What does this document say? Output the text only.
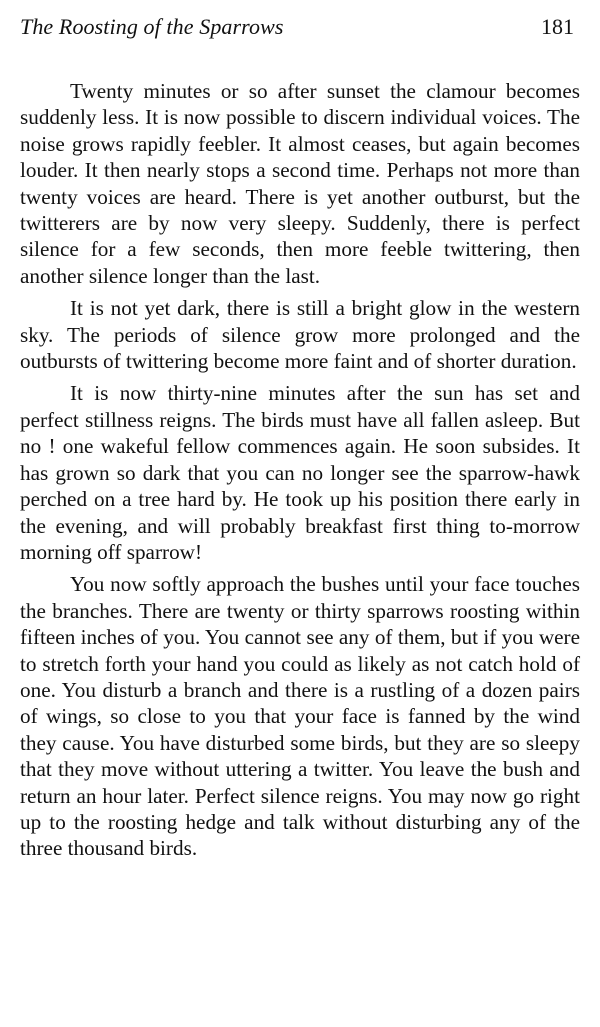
The Roosting of the Sparrows	181

Twenty minutes or so after sunset the clamour becomes suddenly less. It is now possible to discern individual voices. The noise grows rapidly feebler. It almost ceases, but again becomes louder. It then nearly stops a second time. Perhaps not more than twenty voices are heard. There is yet another outburst, but the twitterers are by now very sleepy. Suddenly, there is perfect silence for a few seconds, then more feeble twittering, then another silence longer than the last.

It is not yet dark, there is still a bright glow in the western sky. The periods of silence grow more prolonged and the outbursts of twittering become more faint and of shorter duration.

It is now thirty-nine minutes after the sun has set and perfect stillness reigns. The birds must have all fallen asleep. But no ! one wakeful fellow commences again. He soon subsides. It has grown so dark that you can no longer see the sparrow-hawk perched on a tree hard by. He took up his position there early in the evening, and will probably breakfast first thing to-morrow morning off sparrow!

You now softly approach the bushes until your face touches the branches. There are twenty or thirty sparrows roosting within fifteen inches of you. You cannot see any of them, but if you were to stretch forth your hand you could as likely as not catch hold of one. You disturb a branch and there is a rustling of a dozen pairs of wings, so close to you that your face is fanned by the wind they cause. You have disturbed some birds, but they are so sleepy that they move without uttering a twitter. You leave the bush and return an hour later. Perfect silence reigns. You may now go right up to the roosting hedge and talk without disturbing any of the three thousand birds.
